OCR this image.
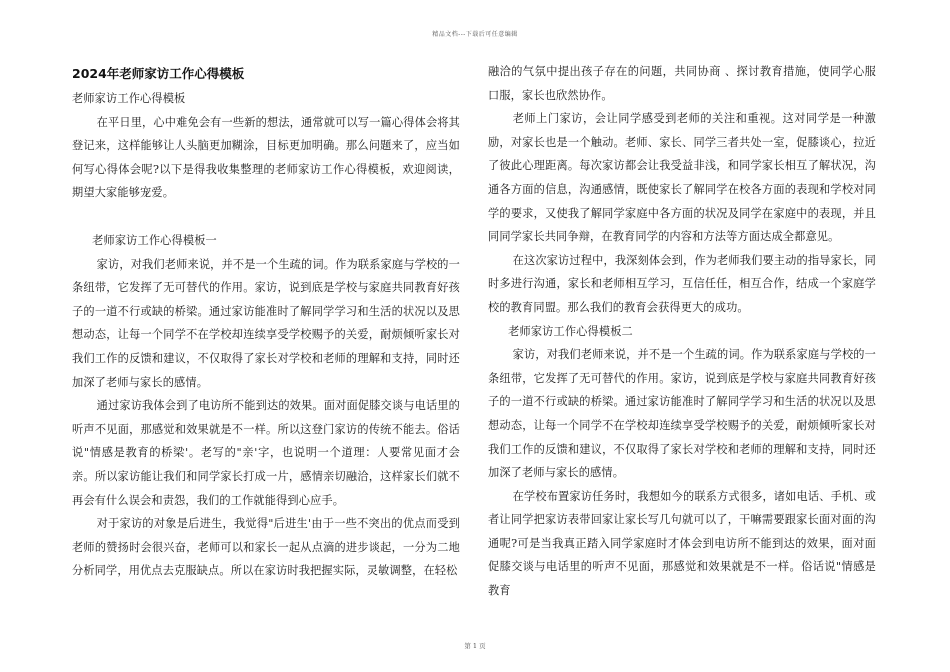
精品文档---下载后可任意编辑
2024年老师家访工作心得模板

老师家访工作心得模板

在平日里，心中难免会有一些新的想法，通常就可以写一篇心得体会将其登记来，这样能够让人头脑更加糊涂，目标更加明确。那么问题来了，应当如何写心得体会呢?以下是得我收集整理的老师家访工作心得模板，欢迎阅读，期望大家能够宠爱。

老师家访工作心得模板一

家访，对我们老师来说，并不是一个生疏的词。作为联系家庭与学校的一条纽带，它发挥了无可替代的作用。家访，说到底是学校与家庭共同教育好孩子的一道不行或缺的桥梁。通过家访能准时了解同学学习和生活的状况以及思想动态，让每一个同学不在学校却连续享受学校赐予的关爱，耐烦倾听家长对我们工作的反馈和建议，不仅取得了家长对学校和老师的理解和支持，同时还加深了老师与家长的感情。

通过家访我体会到了电访所不能到达的效果。面对面促膝交谈与电话里的听声不见面，那感觉和效果就是不一样。所以这登门家访的传统不能去。俗话说"情感是教育的桥梁'。老写的"亲'字，也说明一个道理：人要常见面才会亲。所以家访能让我们和同学家长打成一片，感情亲切融洽，这样家长们就不再会有什么误会和责怨，我们的工作就能得到心应手。

对于家访的对象是后进生，我觉得"后进生'由于一些不突出的优点而受到老师的赞扬时会很兴奋，老师可以和家长一起从点滴的进步谈起，一分为二地分析同学，用优点去克服缺点。所以在家访时我把握实际，灵敏调整，在轻松

融洽的气氛中提出孩子存在的问题，共同协商 、探讨教育措施，使同学心服口服，家长也欣然协作。

老师上门家访，会让同学感受到老师的关注和重视。这对同学是一种激励，对家长也是一个触动。老师、家长、同学三者共处一室，促膝谈心，拉近了彼此心理距离。每次家访都会让我受益非浅，和同学家长相互了解状况，沟通各方面的信息，沟通感情，既使家长了解同学在校各方面的表现和学校对同学的要求，又使我了解同学家庭中各方面的状况及同学在家庭中的表现，并且同同学家长共同争辩，在教育同学的内容和方法等方面达成全都意见。

在这次家访过程中，我深刻体会到，作为老师我们要主动的指导家长，同时多进行沟通，家长和老师相互学习，互信任任，相互合作，结成一个家庭学校的教育同盟。那么我们的教育会获得更大的成功。

老师家访工作心得模板二

家访，对我们老师来说，并不是一个生疏的词。作为联系家庭与学校的一条纽带，它发挥了无可替代的作用。家访，说到底是学校与家庭共同教育好孩子的一道不行或缺的桥梁。通过家访能准时了解同学学习和生活的状况以及思想动态，让每一个同学不在学校却连续享受学校赐予的关爱，耐烦倾听家长对我们工作的反馈和建议，不仅取得了家长对学校和老师的理解和支持，同时还加深了老师与家长的感情。

在学校布置家访任务时，我想如今的联系方式很多，诸如电话、手机、或者让同学把家访表带回家让家长写几句就可以了，干嘛需要跟家长面对面的沟通呢?可是当我真正踏入同学家庭时才体会到电访所不能到达的效果，面对面促膝交谈与电话里的听声不见面，那感觉和效果就是不一样。俗话说"情感是教育

第 1 页
